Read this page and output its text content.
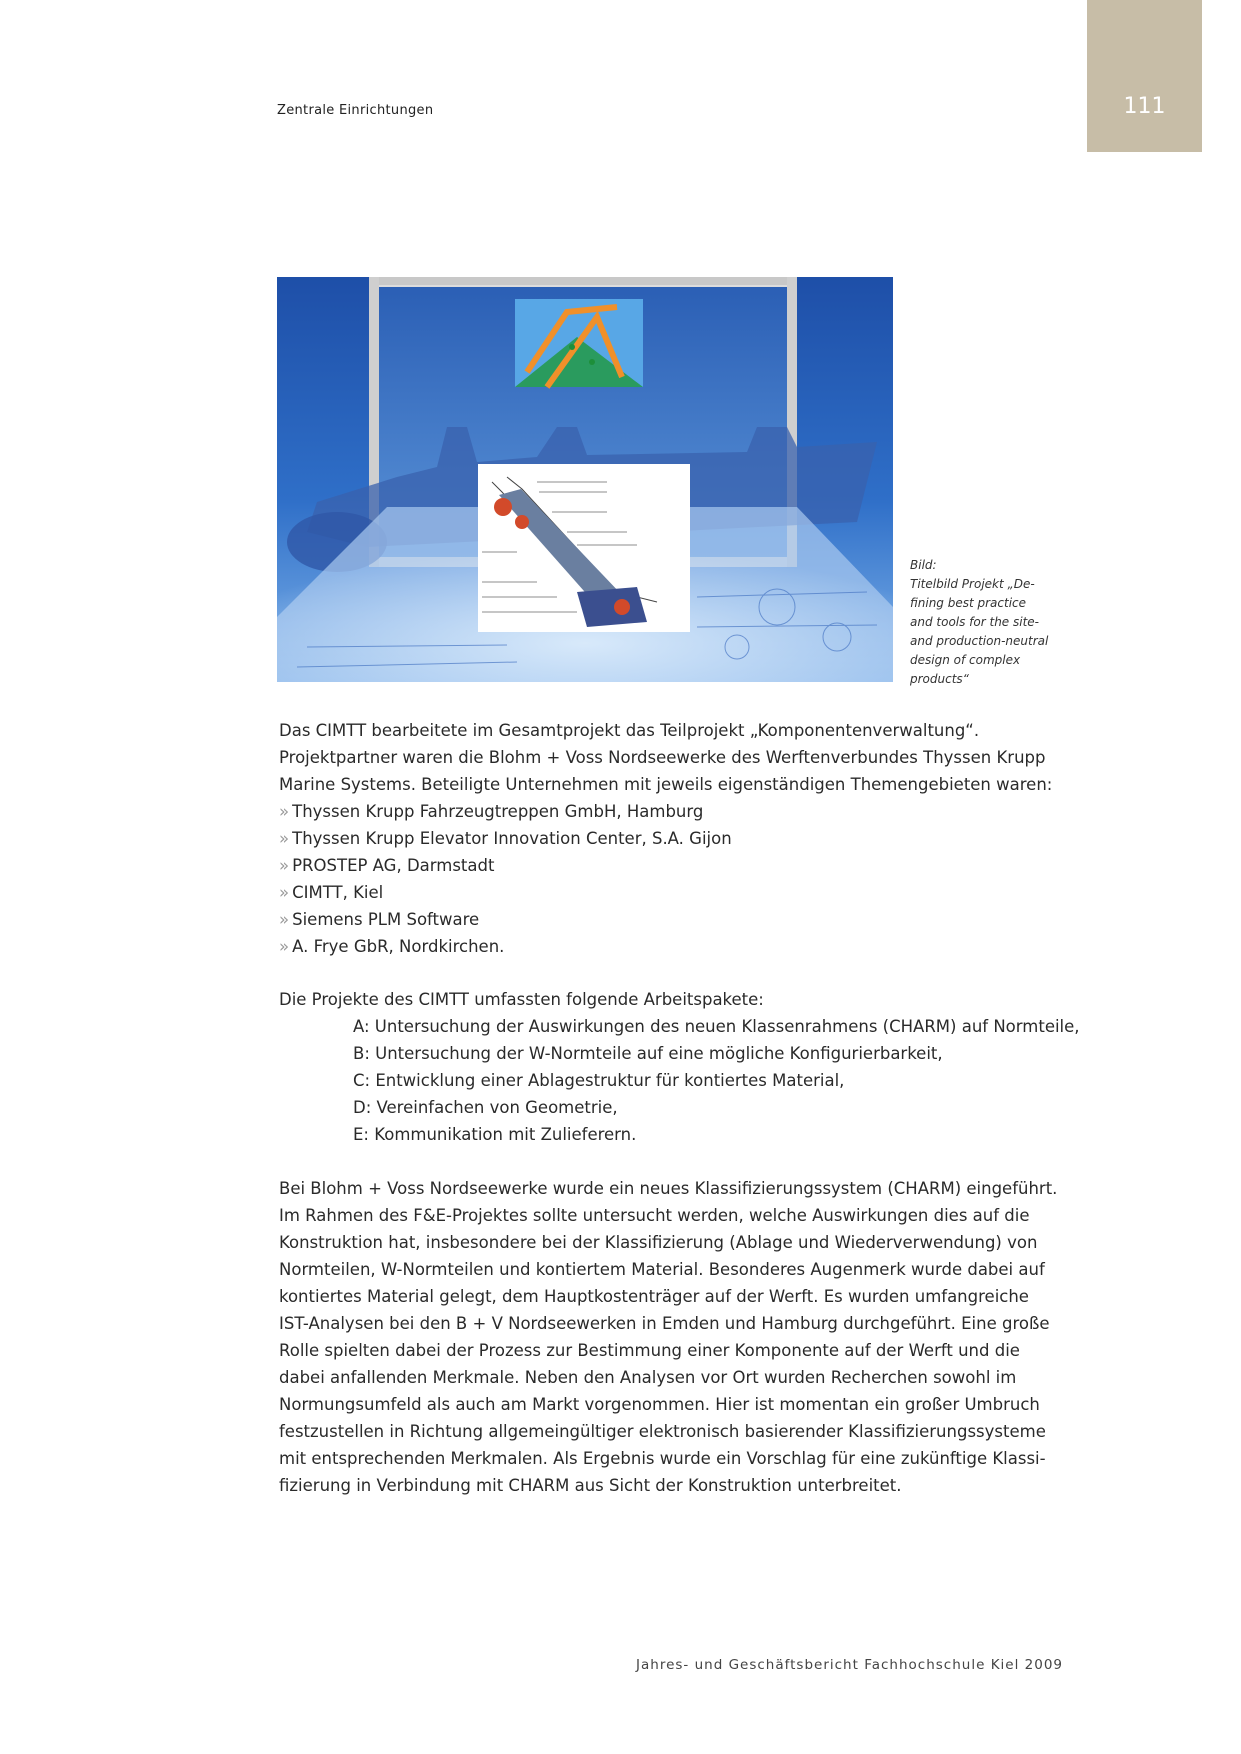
Zentrale Einrichtungen	111
Bild:
Titelbild Projekt „De-
fining best practice
and tools for the site-
and production-neutral
design of complex
products“
Das CIMTT bearbeitete im Gesamtprojekt das Teilprojekt „Komponentenverwaltung“.
Projektpartner waren die Blohm + Voss Nordseewerke des Werftenverbundes Thyssen Krupp
Marine Systems. Beteiligte Unternehmen mit jeweils eigenständigen Themengebieten waren:
» Thyssen Krupp Fahrzeugtreppen GmbH, Hamburg
» Thyssen Krupp Elevator Innovation Center, S.A. Gijon
» PROSTEP AG, Darmstadt
» CIMTT, Kiel
» Siemens PLM Software
» A. Frye GbR, Nordkirchen.
Die Projekte des CIMTT umfassten folgende Arbeitspakete:
A: Untersuchung der Auswirkungen des neuen Klassenrahmens (CHARM) auf Normteile,
B: Untersuchung der W-Normteile auf eine mögliche Konfigurierbarkeit,
C: Entwicklung einer Ablagestruktur für kontiertes Material,
D: Vereinfachen von Geometrie,
E: Kommunikation mit Zulieferern.
Bei Blohm + Voss Nordseewerke wurde ein neues Klassifizierungssystem (CHARM) eingeführt.
Im Rahmen des F&E-Projektes sollte untersucht werden, welche Auswirkungen dies auf die
Konstruktion hat, insbesondere bei der Klassifizierung (Ablage und Wiederverwendung) von
Normteilen, W-Normteilen und kontiertem Material. Besonderes Augenmerk wurde dabei auf
kontiertes Material gelegt, dem Hauptkostenträger auf der Werft. Es wurden umfangreiche
IST-Analysen bei den B + V Nordseewerken in Emden und Hamburg durchgeführt. Eine große
Rolle spielten dabei der Prozess zur Bestimmung einer Komponente auf der Werft und die
dabei anfallenden Merkmale. Neben den Analysen vor Ort wurden Recherchen sowohl im
Normungsumfeld als auch am Markt vorgenommen. Hier ist momentan ein großer Umbruch
festzustellen in Richtung allgemeingültiger elektronisch basierender Klassifizierungssysteme
mit entsprechenden Merkmalen. Als Ergebnis wurde ein Vorschlag für eine zukünftige Klassi-
fizierung in Verbindung mit CHARM aus Sicht der Konstruktion unterbreitet.
Jahres- und Geschäftsbericht Fachhochschule Kiel 2009
